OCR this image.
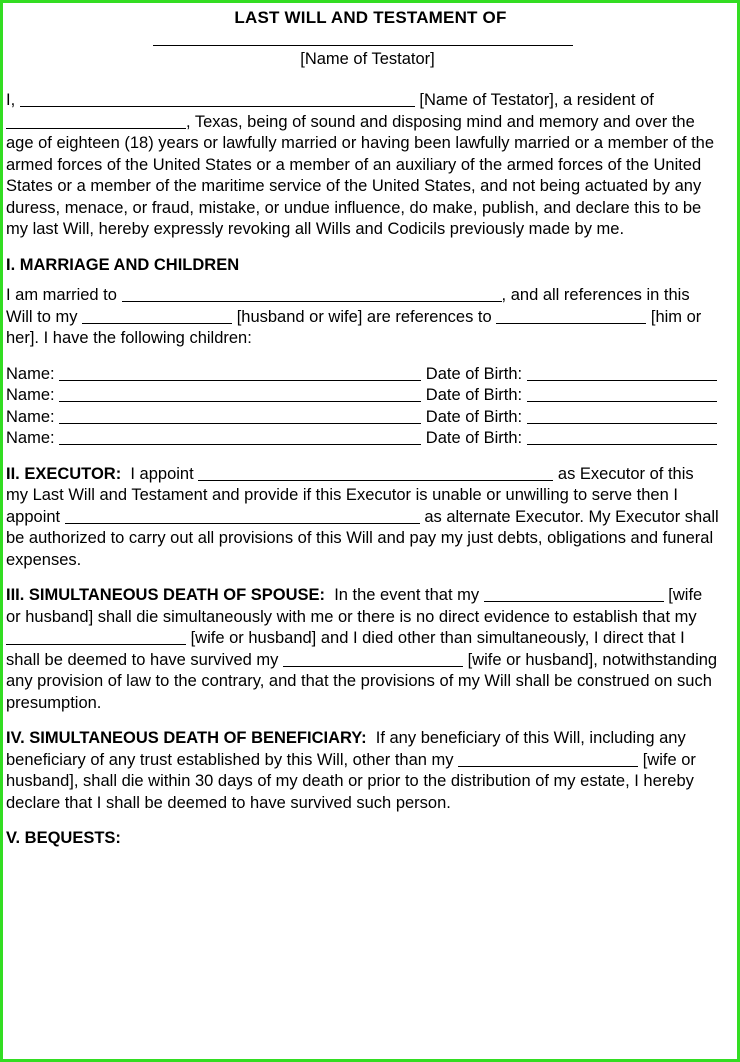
LAST WILL AND TESTAMENT OF
[Name of Testator]

I,	[Name of Testator], a resident of , Texas, being of sound and disposing mind and memory and over the age of eighteen (18) years or lawfully married or having been lawfully married or a member of the armed forces of the United States or a member of an auxiliary of the armed forces of the United States or a member of the maritime service of the United States, and not being actuated by any duress, menace, or fraud, mistake, or undue influence, do make, publish, and declare this to be my last Will, hereby expressly revoking all Wills and Codicils previously made by me.

I. MARRIAGE AND CHILDREN

I am married to	, and all references in this Will to my	[husband or wife] are references to	[him or her]. I have the following children:

Name:	Date of Birth:

Name:	Date of Birth:

Name:	Date of Birth:

Name:	Date of Birth:

II. EXECUTOR: I appoint	as Executor of this my Last Will and Testament and provide if this Executor is unable or unwilling to serve then I appoint	as alternate Executor. My Executor shall be authorized to carry out all provisions of this Will and pay my just debts, obligations and funeral expenses.

III. SIMULTANEOUS DEATH OF SPOUSE: In the event that my	[wife or husband] shall die simultaneously with me or there is no direct evidence to establish that my  [wife or husband] and I died other than simultaneously, I direct that I shall be deemed to have survived my	[wife or husband], notwithstanding any provision of law to the contrary, and that the provisions of my Will shall be construed on such presumption.

IV. SIMULTANEOUS DEATH OF BENEFICIARY: If any beneficiary of this Will, including any beneficiary of any trust established by this Will, other than my	[wife or husband], shall die within 30 days of my death or prior to the distribution of my estate, I hereby declare that I shall be deemed to have survived such person.

V. BEQUESTS:
